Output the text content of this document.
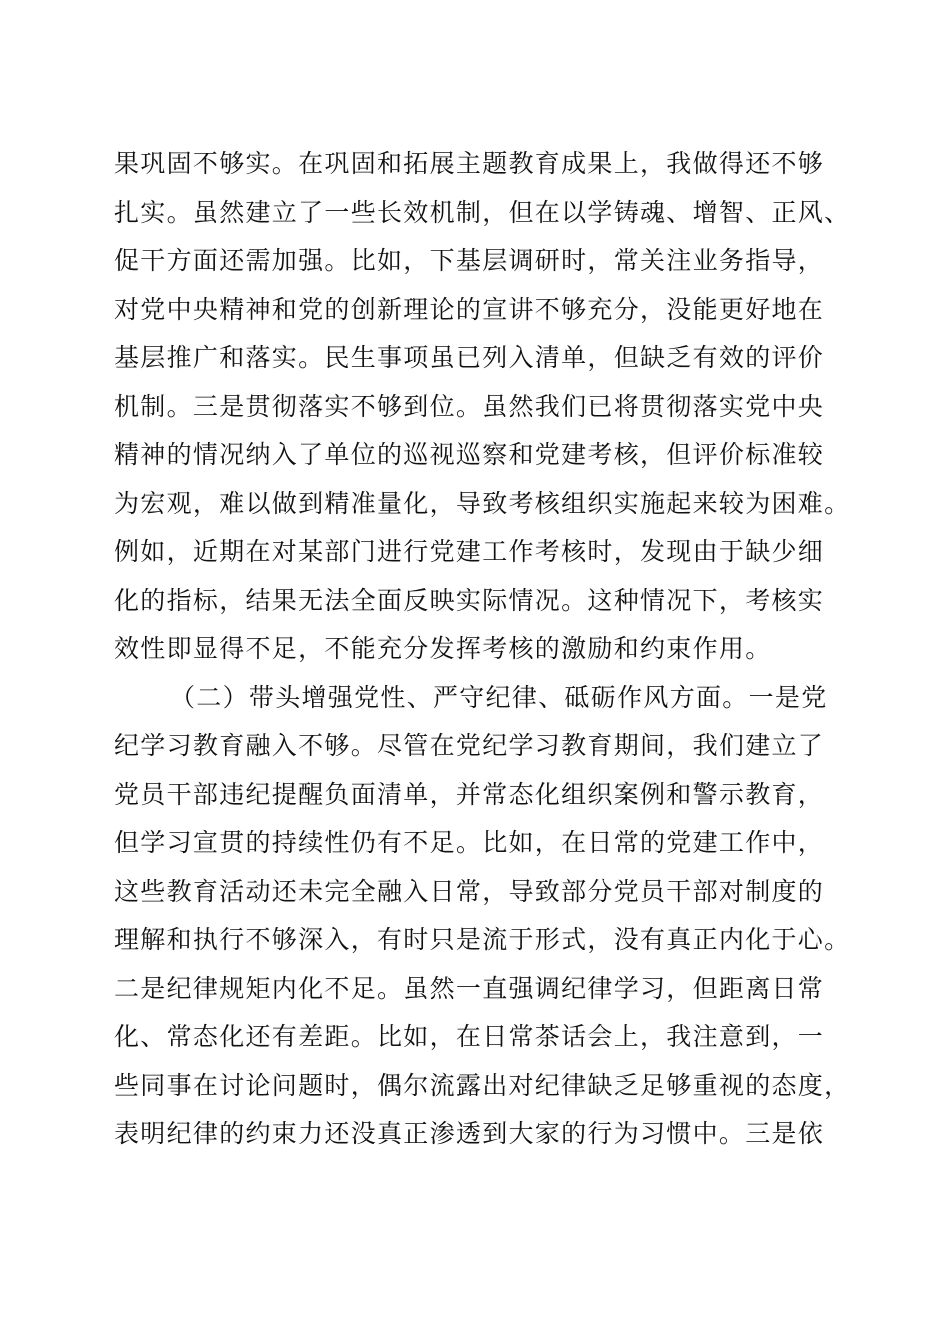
果巩固不够实。在巩固和拓展主题教育成果上，我做得还不够
扎实。虽然建立了一些长效机制，但在以学铸魂、增智、正风、
促干方面还需加强。比如，下基层调研时，常关注业务指导，
对党中央精神和党的创新理论的宣讲不够充分，没能更好地在
基层推广和落实。民生事项虽已列入清单，但缺乏有效的评价
机制。三是贯彻落实不够到位。虽然我们已将贯彻落实党中央
精神的情况纳入了单位的巡视巡察和党建考核，但评价标准较
为宏观，难以做到精准量化，导致考核组织实施起来较为困难。
例如，近期在对某部门进行党建工作考核时，发现由于缺少细
化的指标，结果无法全面反映实际情况。这种情况下，考核实
效性即显得不足，不能充分发挥考核的激励和约束作用。
（二）带头增强党性、严守纪律、砥砺作风方面。一是党
纪学习教育融入不够。尽管在党纪学习教育期间，我们建立了
党员干部违纪提醒负面清单，并常态化组织案例和警示教育，
但学习宣贯的持续性仍有不足。比如，在日常的党建工作中，
这些教育活动还未完全融入日常，导致部分党员干部对制度的
理解和执行不够深入，有时只是流于形式，没有真正内化于心。
二是纪律规矩内化不足。虽然一直强调纪律学习，但距离日常
化、常态化还有差距。比如，在日常茶话会上，我注意到，一
些同事在讨论问题时，偶尔流露出对纪律缺乏足够重视的态度，
表明纪律的约束力还没真正渗透到大家的行为习惯中。三是依
